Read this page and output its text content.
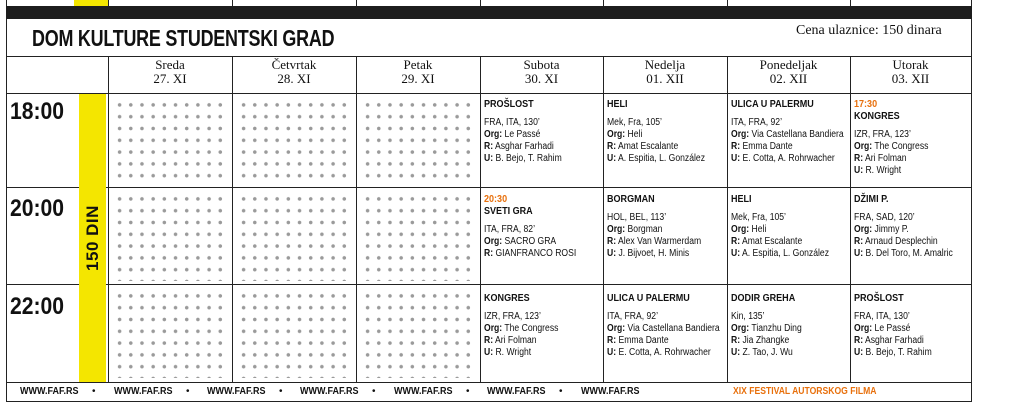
DOM KULTURE STUDENTSKI GRAD	Cena ulaznice: 150 dinara
Sreda
27. XI
Četvrtak
28. XI
Petak
29. XI
Subota
30. XI
Nedelja
01. XII
Ponedeljak
02. XII
Utorak
03. XII
18:00
20:00
22:00
150 DIN
PROŠLOST
FRA, ITA, 130’
Org: Le Passé
R: Asghar Farhadi
U: B. Bejo, T. Rahim
HELI
Mek, Fra, 105’
Org: Heli
R: Amat Escalante
U: A. Espitia, L. González
ULICA U PALERMU
ITA, FRA, 92’
Org: Via Castellana Bandiera
R: Emma Dante
U: E. Cotta, A. Rohrwacher
17:30
KONGRES
IZR, FRA, 123’
Org: The Congress
R: Ari Folman
U: R. Wright
20:30
SVETI GRA
ITA, FRA, 82’
Org: SACRO GRA
R: GIANFRANCO ROSI
BORGMAN
HOL, BEL, 113’
Org: Borgman
R: Alex Van Warmerdam
U: J. Bijvoet, H. Minis
HELI
Mek, Fra, 105’
Org: Heli
R: Amat Escalante
U: A. Espitia, L. González
DŽIMI P.
FRA, SAD, 120’
Org: Jimmy P.
R: Arnaud Desplechin
U: B. Del Toro, M. Amalric
KONGRES
IZR, FRA, 123’
Org: The Congress
R: Ari Folman
U: R. Wright
ULICA U PALERMU
ITA, FRA, 92’
Org: Via Castellana Bandiera
R: Emma Dante
U: E. Cotta, A. Rohrwacher
DODIR GREHA
Kin, 135’
Org: Tianzhu Ding
R: Jia Zhangke
U: Z. Tao, J. Wu
PROŠLOST
FRA, ITA, 130’
Org: Le Passé
R: Asghar Farhadi
U: B. Bejo, T. Rahim
WWW.FAF.RS • WWW.FAF.RS • WWW.FAF.RS • WWW.FAF.RS • WWW.FAF.RS • WWW.FAF.RS • WWW.FAF.RS	XIX FESTIVAL AUTORSKOG FILMA
